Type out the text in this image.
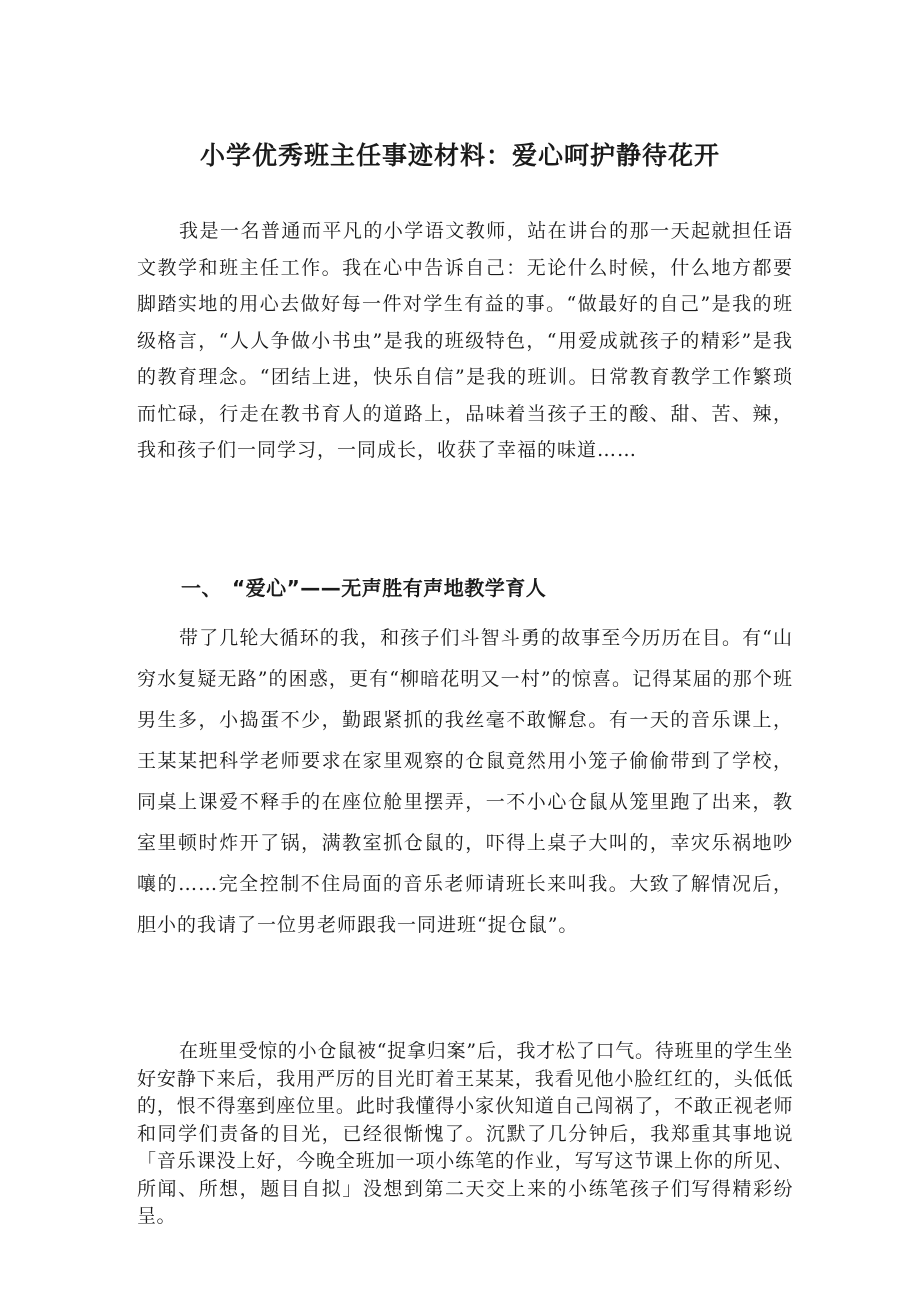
小学优秀班主任事迹材料：爱心呵护静待花开

我是一名普通而平凡的小学语文教师，站在讲台的那一天起就担任语文教学和班主任工作。我在心中告诉自己：无论什么时候，什么地方都要脚踏实地的用心去做好每一件对学生有益的事。“做最好的自己”是我的班级格言，“人人争做小书虫”是我的班级特色，“用爱成就孩子的精彩”是我的教育理念。“团结上进，快乐自信”是我的班训。日常教育教学工作繁琐而忙碌，行走在教书育人的道路上，品味着当孩子王的酸、甜、苦、辣，我和孩子们一同学习，一同成长，收获了幸福的味道……

一、 “爱心”——无声胜有声地教学育人

带了几轮大循环的我，和孩子们斗智斗勇的故事至今历历在目。有“山穷水复疑无路”的困惑，更有“柳暗花明又一村”的惊喜。记得某届的那个班男生多，小捣蛋不少，勤跟紧抓的我丝毫不敢懈怠。有一天的音乐课上，王某某把科学老师要求在家里观察的仓鼠竟然用小笼子偷偷带到了学校，同桌上课爱不释手的在座位舱里摆弄，一不小心仓鼠从笼里跑了出来，教室里顿时炸开了锅，满教室抓仓鼠的，吓得上桌子大叫的，幸灾乐祸地吵嚷的……完全控制不住局面的音乐老师请班长来叫我。大致了解情况后，胆小的我请了一位男老师跟我一同进班“捉仓鼠”。

在班里受惊的小仓鼠被“捉拿归案”后，我才松了口气。待班里的学生坐好安静下来后，我用严厉的目光盯着王某某，我看见他小脸红红的，头低低的，恨不得塞到座位里。此时我懂得小家伙知道自己闯祸了，不敢正视老师和同学们责备的目光，已经很惭愧了。沉默了几分钟后，我郑重其事地说「音乐课没上好，今晚全班加一项小练笔的作业，写写这节课上你的所见、所闻、所想，题目自拟」没想到第二天交上来的小练笔孩子们写得精彩纷呈。
